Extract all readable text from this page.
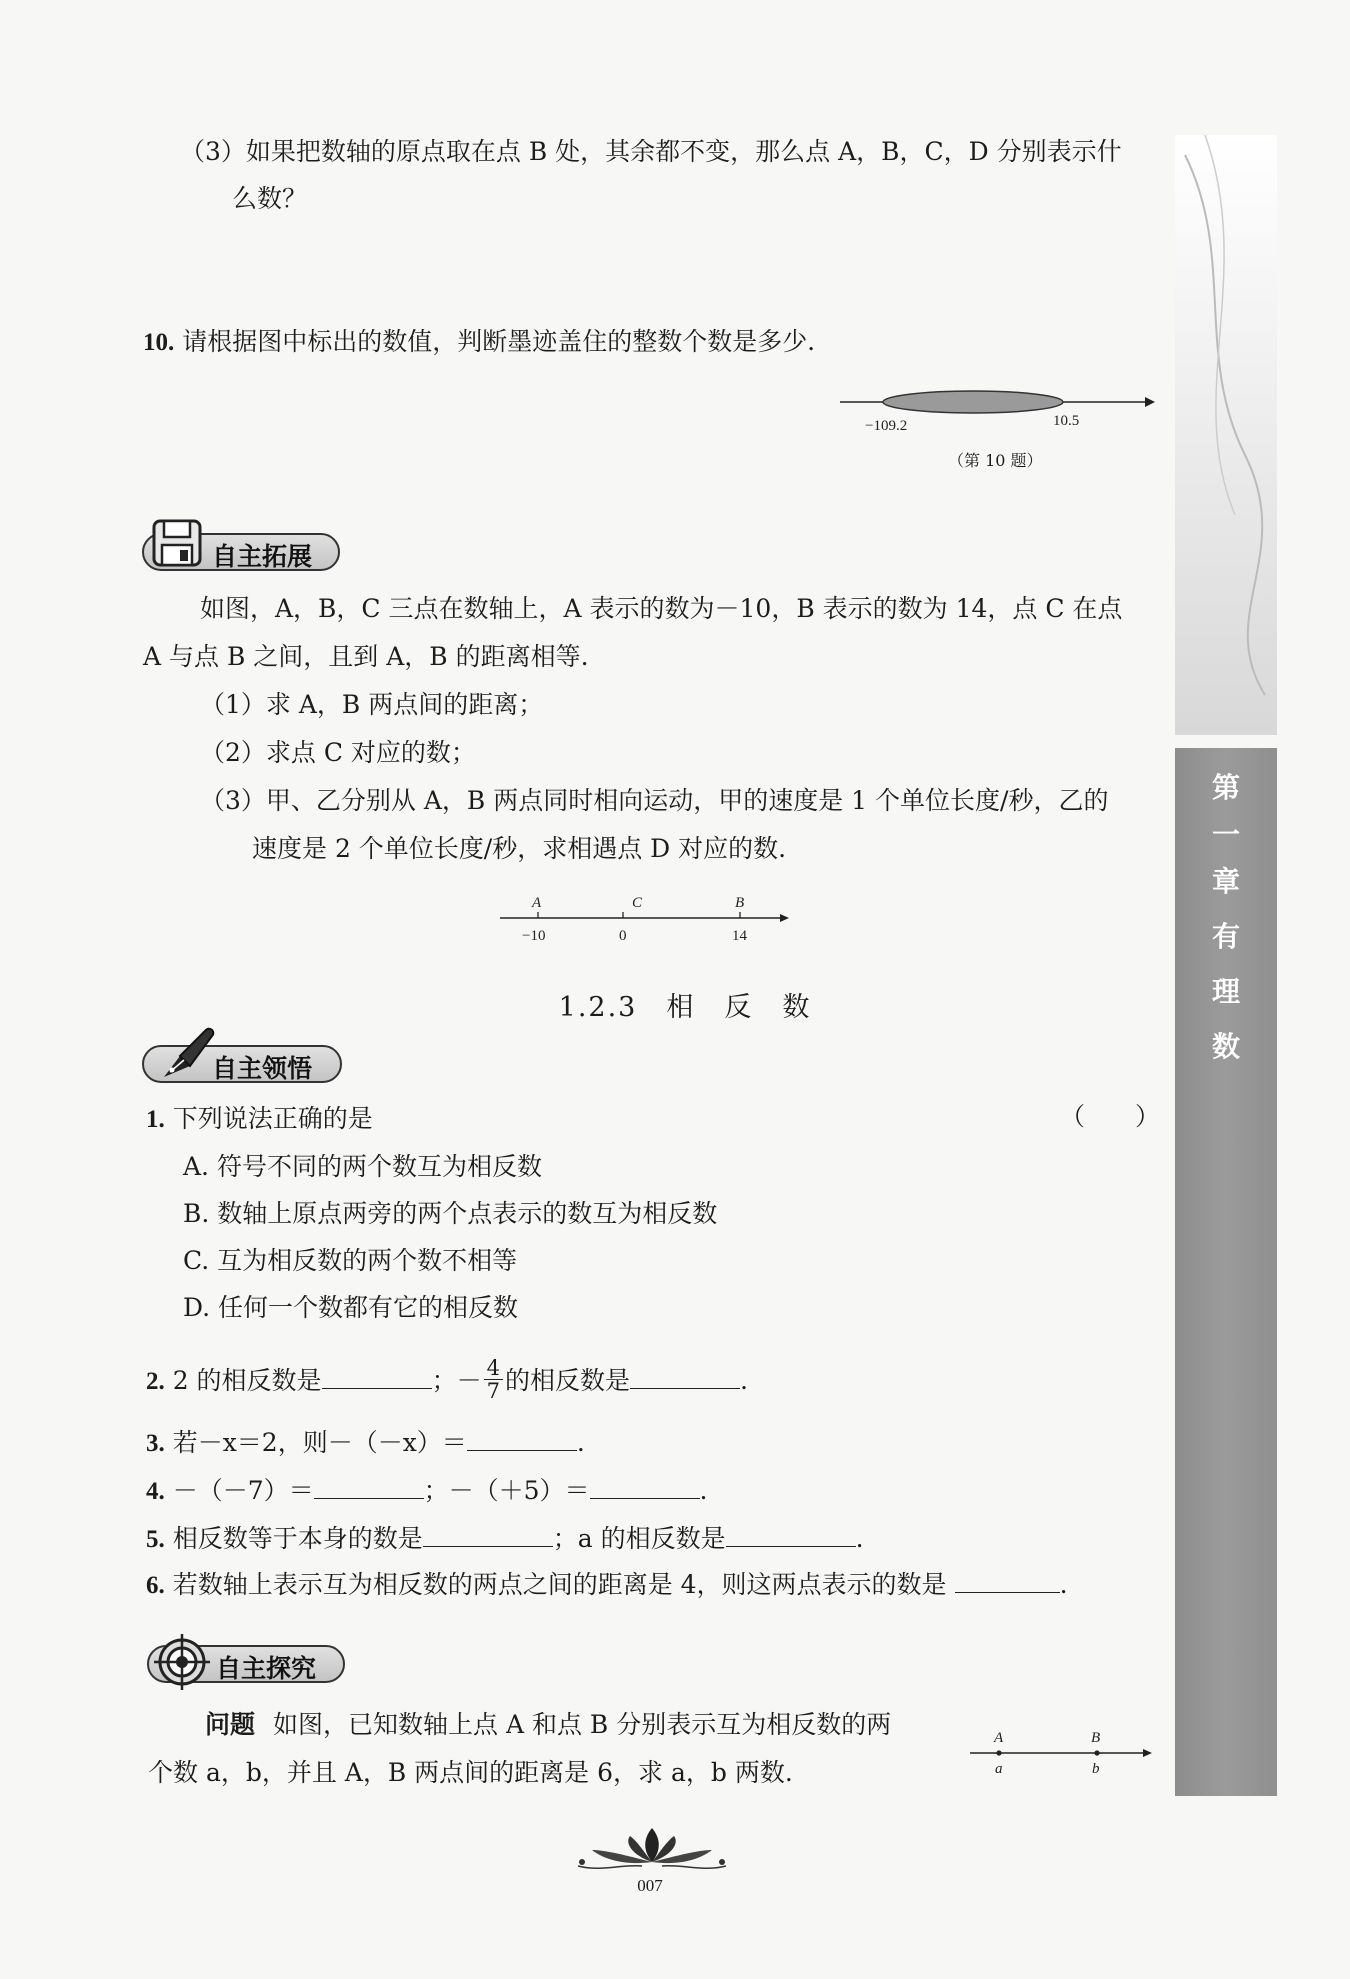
第
一
章
有
理
数
（3）如果把数轴的原点取在点 B 处，其余都不变，那么点 A，B，C，D 分别表示什
么数？
10. 请根据图中标出的数值，判断墨迹盖住的整数个数是多少．
−109.2	10.5
（第 10 题）
自主拓展
如图，A，B，C 三点在数轴上，A 表示的数为－10，B 表示的数为 14，点 C 在点
A 与点 B 之间，且到 A，B 的距离相等.
（1）求 A，B 两点间的距离；
（2）求点 C 对应的数；
（3）甲、乙分别从 A，B 两点同时相向运动，甲的速度是 1 个单位长度/秒，乙的
速度是 2 个单位长度/秒，求相遇点 D 对应的数.
A	C	B
−10	0	14
1.2.3　相　反　数
自主领悟
1. 下列说法正确的是	（　　）
A. 符号不同的两个数互为相反数
B. 数轴上原点两旁的两个点表示的数互为相反数
C. 互为相反数的两个数不相等
D. 任何一个数都有它的相反数
2. 2 的相反数是	；－ $\frac{4}{7}$ 的相反数是	.
3. 若－x＝2，则－（－x）＝	.
4. －（－7）＝	；－（＋5）＝	.
5. 相反数等于本身的数是	；a 的相反数是	.
6. 若数轴上表示互为相反数的两点之间的距离是 4，则这两点表示的数是	.
自主探究
问题 如图，已知数轴上点 A 和点 B 分别表示互为相反数的两
个数 a，b，并且 A，B 两点间的距离是 6，求 a，b 两数.
A	B
a	b
007
